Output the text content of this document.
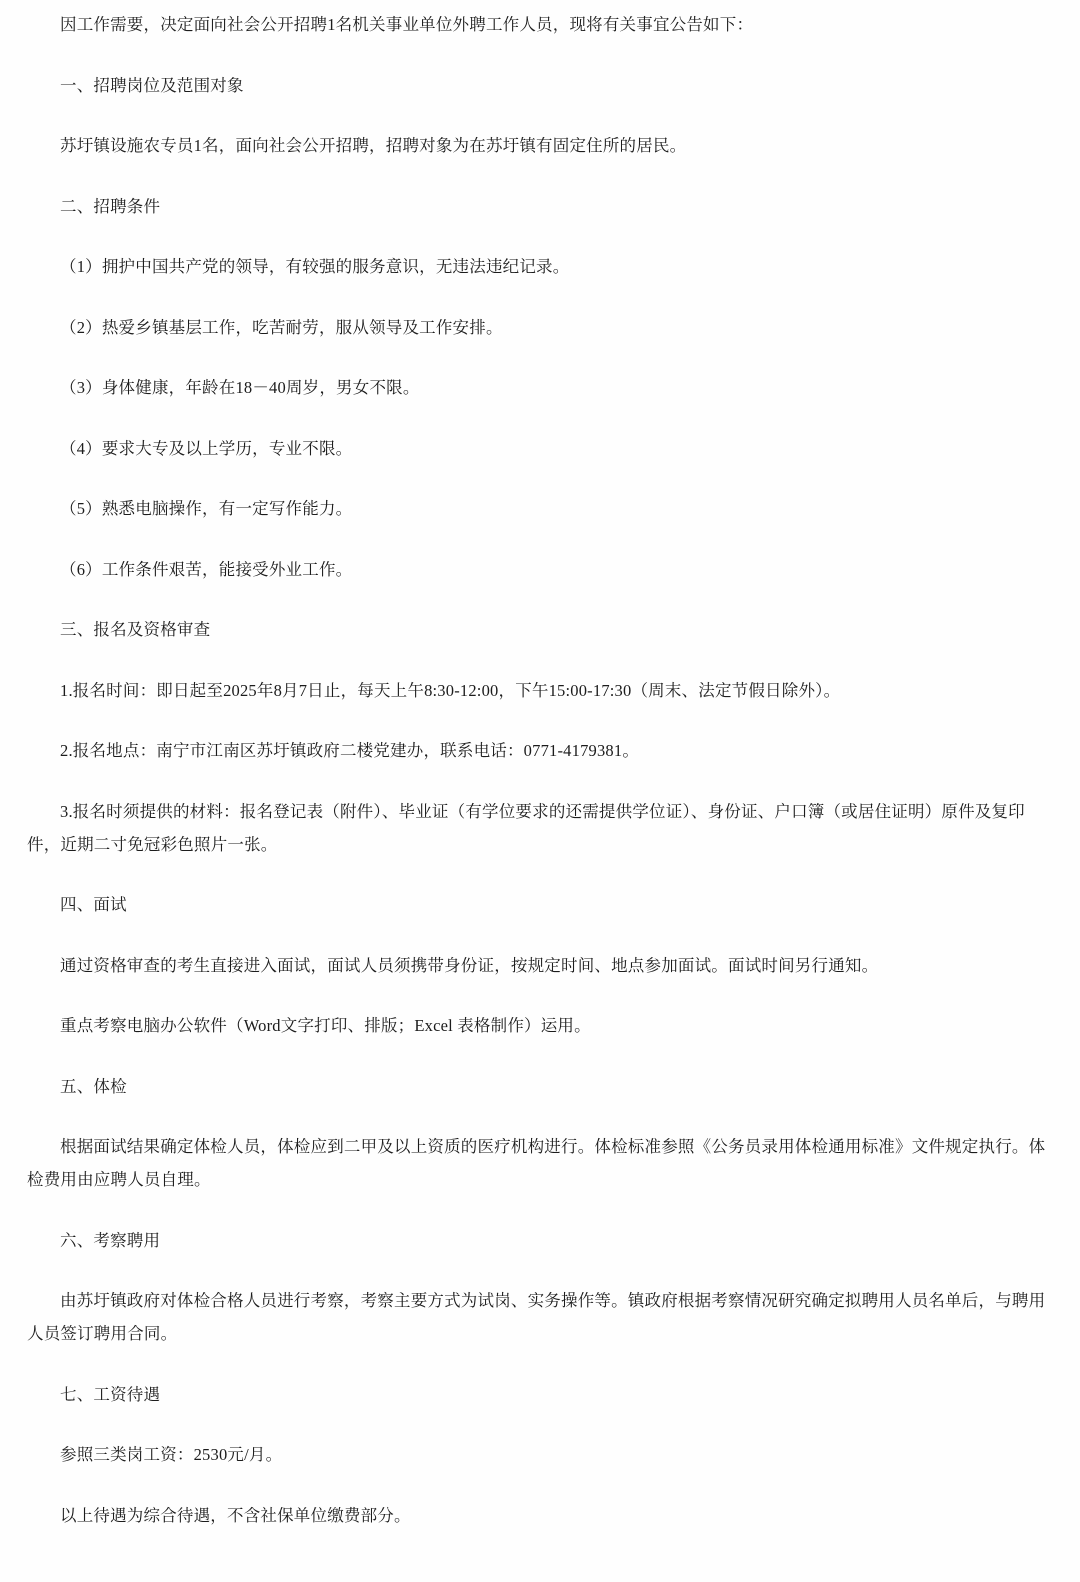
因工作需要，决定面向社会公开招聘1名机关事业单位外聘工作人员，现将有关事宜公告如下：

一、招聘岗位及范围对象

苏圩镇设施农专员1名，面向社会公开招聘，招聘对象为在苏圩镇有固定住所的居民。

二、招聘条件

（1）拥护中国共产党的领导，有较强的服务意识，无违法违纪记录。

（2）热爱乡镇基层工作，吃苦耐劳，服从领导及工作安排。

（3）身体健康，年龄在18－40周岁，男女不限。

（4）要求大专及以上学历，专业不限。

（5）熟悉电脑操作，有一定写作能力。

（6）工作条件艰苦，能接受外业工作。

三、报名及资格审查

1.报名时间：即日起至2025年8月7日止，每天上午8:30-12:00，下午15:00-17:30（周末、法定节假日除外）。

2.报名地点：南宁市江南区苏圩镇政府二楼党建办，联系电话：0771-4179381。

3.报名时须提供的材料：报名登记表（附件）、毕业证（有学位要求的还需提供学位证）、身份证、户口簿（或居住证明）原件及复印件，近期二寸免冠彩色照片一张。

四、面试

通过资格审查的考生直接进入面试，面试人员须携带身份证，按规定时间、地点参加面试。面试时间另行通知。

重点考察电脑办公软件（Word文字打印、排版；Excel 表格制作）运用。

五、体检

根据面试结果确定体检人员，体检应到二甲及以上资质的医疗机构进行。体检标准参照《公务员录用体检通用标准》文件规定执行。体检费用由应聘人员自理。

六、考察聘用

由苏圩镇政府对体检合格人员进行考察，考察主要方式为试岗、实务操作等。镇政府根据考察情况研究确定拟聘用人员名单后，与聘用人员签订聘用合同。

七、工资待遇

参照三类岗工资：2530元/月。

以上待遇为综合待遇，不含社保单位缴费部分。
